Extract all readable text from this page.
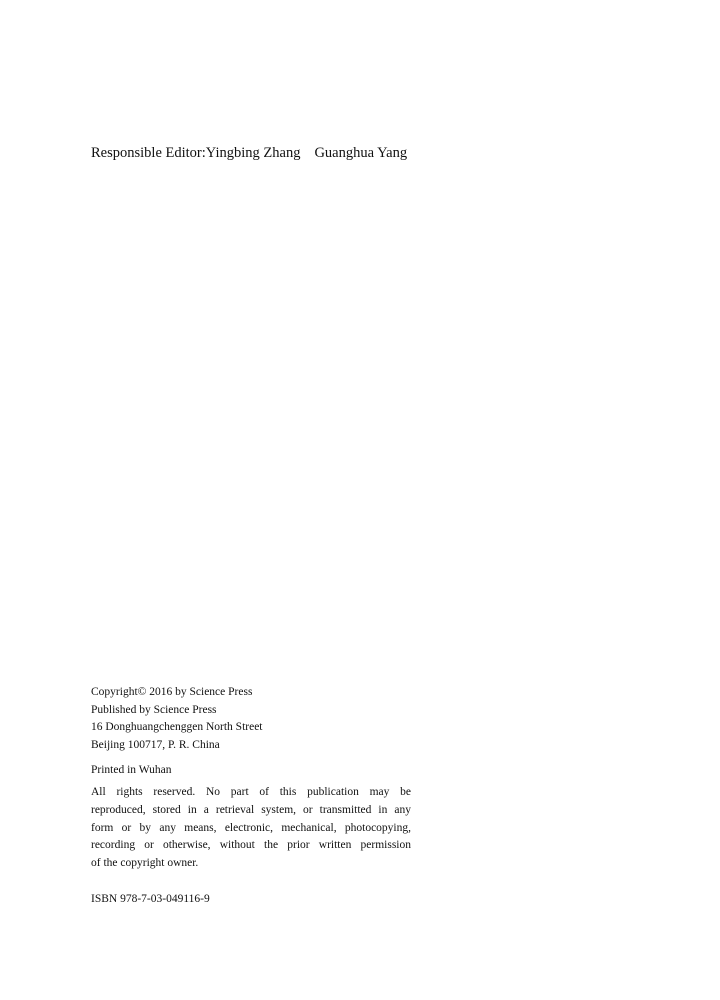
Responsible Editor:Yingbing Zhang Guanghua Yang
Copyright© 2016 by Science Press
Published by Science Press
16 Donghuangchenggen North Street
Beijing 100717, P. R. China
Printed in Wuhan
All rights reserved. No part of this publication may be
reproduced, stored in a retrieval system, or transmitted in any
form or by any means, electronic, mechanical, photocopying,
recording or otherwise, without the prior written permission
of the copyright owner.
ISBN 978-7-03-049116-9
